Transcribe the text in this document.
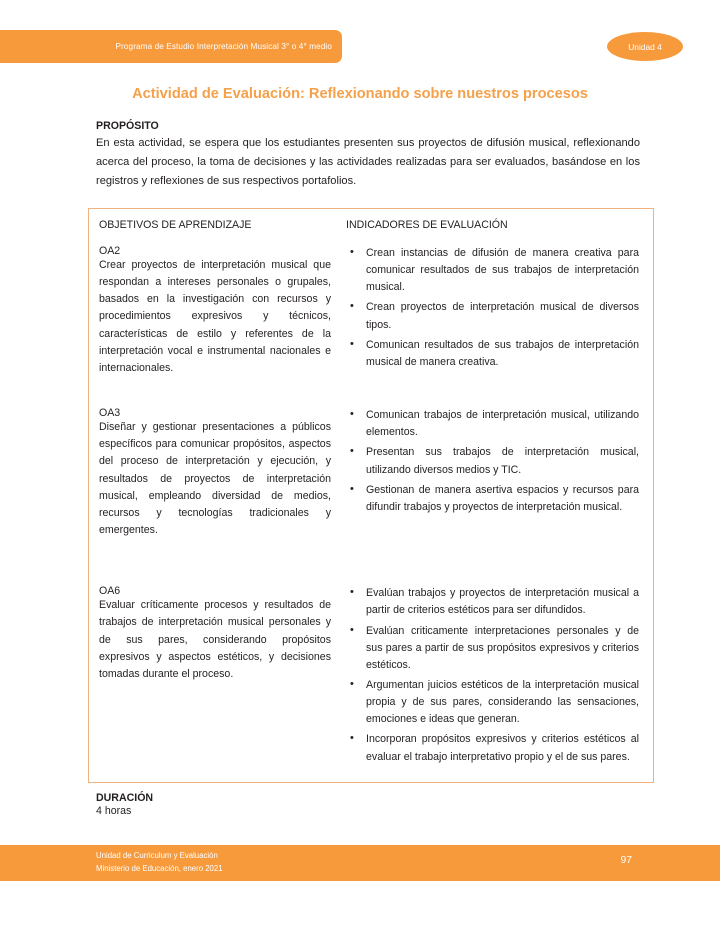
Programa de Estudio Interpretación Musical 3° o 4° medio	Unidad 4
Actividad de Evaluación: Reflexionando sobre nuestros procesos

PROPÓSITO

En esta actividad, se espera que los estudiantes presenten sus proyectos de difusión musical, reflexionando acerca del proceso, la toma de decisiones y las actividades realizadas para ser evaluados, basándose en los registros y reflexiones de sus respectivos portafolios.

OBJETIVOS DE APRENDIZAJE	INDICADORES DE EVALUACIÓN
OA2

Crear proyectos de interpretación musical que respondan a intereses personales o grupales, basados en la investigación con recursos y procedimientos expresivos y técnicos, características de estilo y referentes de la interpretación vocal e instrumental nacionales e internacionales.

• Crean instancias de difusión de manera creativa para comunicar resultados de sus trabajos de interpretación musical.
• Crean proyectos de interpretación musical de diversos tipos.
• Comunican resultados de sus trabajos de interpretación musical de manera creativa.
OA3

Diseñar y gestionar presentaciones a públicos específicos para comunicar propósitos, aspectos del proceso de interpretación y ejecución, y resultados de proyectos de interpretación musical, empleando diversidad de medios, recursos y tecnologías tradicionales y emergentes.

• Comunican trabajos de interpretación musical, utilizando elementos.
• Presentan sus trabajos de interpretación musical, utilizando diversos medios y TIC.
• Gestionan de manera asertiva espacios y recursos para difundir trabajos y proyectos de interpretación musical.
OA6

Evaluar críticamente procesos y resultados de trabajos de interpretación musical personales y de sus pares, considerando propósitos expresivos y aspectos estéticos, y decisiones tomadas durante el proceso.

• Evalúan trabajos y proyectos de interpretación musical a partir de criterios estéticos para ser difundidos.
• Evalúan criticamente interpretaciones personales y de sus pares a partir de sus propósitos expresivos y criterios estéticos.
• Argumentan juicios estéticos de la interpretación musical propia y de sus pares, considerando las sensaciones, emociones e ideas que generan.
• Incorporan propósitos expresivos y criterios estéticos al evaluar el trabajo interpretativo propio y el de sus pares.

DURACIÓN

4 horas

Unidad de Curriculum y Evaluación
Ministerio de Educación, enero 2021
97
